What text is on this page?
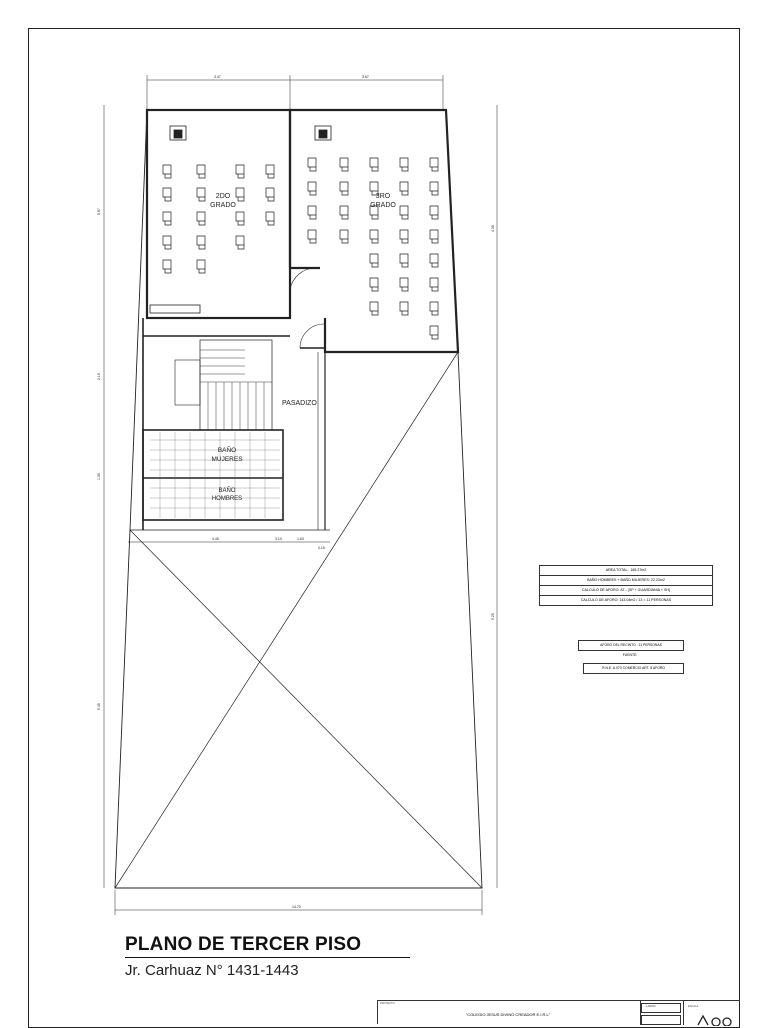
2DO GRADO
3RO GRADO
PASADIZO
BAÑO MUJERES
BAÑO HOMBRES
3.47	3.67
14.70
5.87
2.15
1.30
9.45
4.35
9.25
4.45	3.10	1.63
0.15
AREA TOTAL : 165.27m2
BAÑO HOMBRES + BAÑO MUJERES: 22.23m2
CALCULO DE AFORO: AT - (SP + GUARDIANIA + SH)
CALCULO DE AFORO: 143.04m2 / 13 = 11 PERSONAS
AFORO DEL RECINTO : 11 PERSONAS
FUENTE:
R.N.E. A.070 COMERCIO ART. 8 AFORO
PLANO DE TERCER PISO
Jr. Carhuaz N° 1431-1443
PROYECTO:
"COLEGIO JESUS DIVINO CREADOR E.I.R.L"
LAMINA	ESCALA
